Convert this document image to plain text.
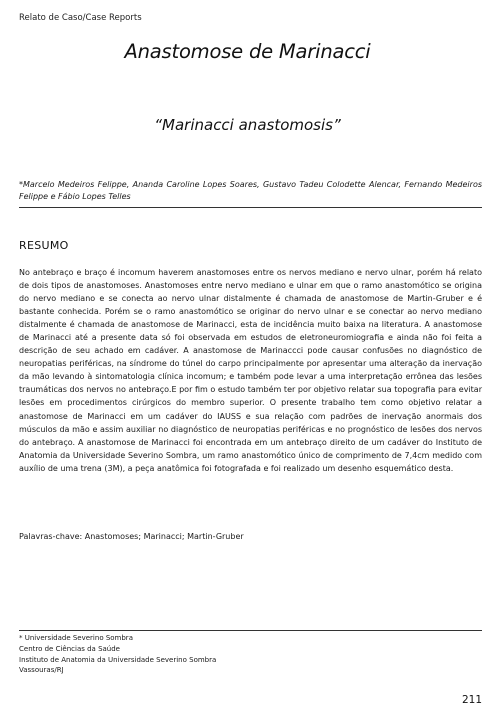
Relato de Caso/Case Reports
Anastomose de Marinacci
“Marinacci anastomosis”
*Marcelo Medeiros Felippe, Ananda Caroline Lopes Soares, Gustavo Tadeu Colodette Alencar, Fernando Medeiros Felippe e Fábio Lopes Telles
RESUMO

No antebraço e braço é incomum haverem anastomoses entre os nervos mediano e nervo ulnar, porém há relato de dois tipos de anastomoses. Anastomoses entre nervo mediano e ulnar em que o ramo anastomótico se origina do nervo mediano e se conecta ao nervo ulnar distalmente é chamada de anastomose de Martin-Gruber e é bastante conhecida. Porém se o ramo anastomótico se originar do nervo ulnar e se conectar ao nervo mediano distalmente é chamada de anastomose de Marinacci, esta de incidência muito baixa na literatura. A anastomose de Marinacci até a presente data só foi observada em estudos de eletroneuromiografia e ainda não foi feita a descrição de seu achado em cadáver. A anastomose de Marinaccci pode causar confusões no diagnóstico de neuropatias periféricas, na síndrome do túnel do carpo principalmente por apresentar uma alteração da inervação da mão levando à sintomatologia clínica incomum; e também pode levar a uma interpretação errônea das lesões traumáticas dos nervos no antebraço.E por fim o estudo também ter por objetivo relatar sua topografia para evitar lesões em procedimentos cirúrgicos do membro superior. O presente trabalho tem como objetivo relatar a anastomose de Marinacci em um cadáver do IAUSS e sua relação com padrões de inervação anormais dos músculos da mão e assim auxiliar no diagnóstico de neuropatias periféricas e no prognóstico de lesões dos nervos do antebraço. A anastomose de Marinacci foi encontrada em um antebraço direito de um cadáver do Instituto de Anatomia da Universidade Severino Sombra, um ramo anastomótico único de comprimento de 7,4cm medido com auxílio de uma trena (3M), a peça anatômica foi fotografada e foi realizado um desenho esquemático desta.

Palavras-chave: Anastomoses; Marinacci; Martin-Gruber
* Universidade Severino Sombra
Centro de Ciências da Saúde
Instituto de Anatomia da Universidade Severino Sombra
Vassouras/RJ
211
